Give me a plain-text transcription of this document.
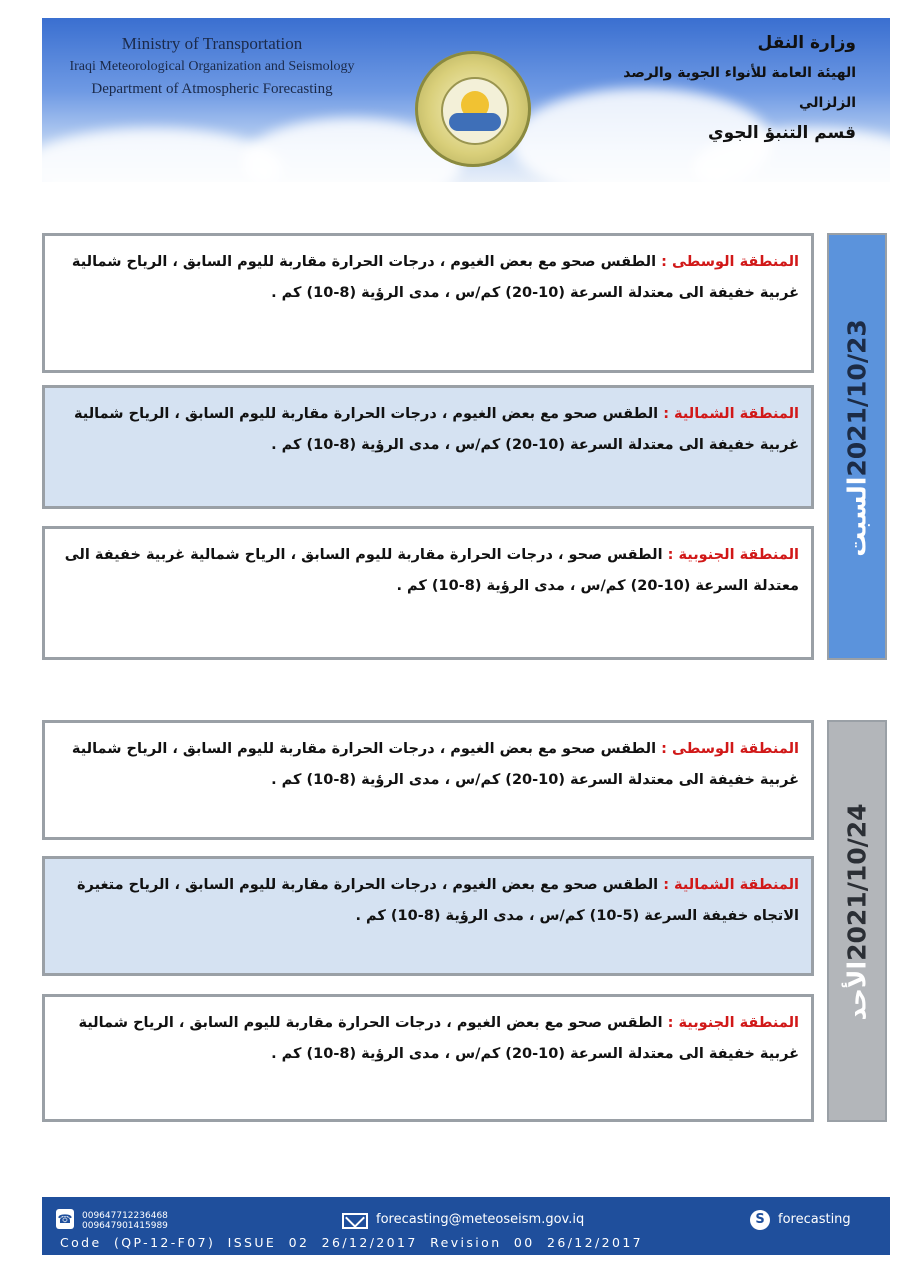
Ministry of Transportation
Iraqi Meteorological Organization and Seismology
Department of Atmospheric Forecasting
وزارة النقل
الهيئة العامة للأنواء الجوية والرصد الزلزالي
قسم التنبؤ الجوي
المنطقة الوسطى : الطقس صحو مع بعض الغيوم ، درجات الحرارة مقاربة لليوم السابق ، الرياح شمالية غربية خفيفة الى معتدلة السرعة (10-20) كم/س ، مدى الرؤية (8-10) كم .
المنطقة الشمالية : الطقس صحو مع بعض الغيوم ، درجات الحرارة مقاربة لليوم السابق ، الرياح شمالية غربية خفيفة الى معتدلة السرعة (10-20) كم/س ، مدى الرؤية (8-10) كم .
المنطقة الجنوبية : الطقس صحو ، درجات الحرارة مقاربة لليوم السابق ، الرياح شمالية غربية خفيفة الى معتدلة السرعة (10-20) كم/س ، مدى الرؤية (8-10) كم .
2021/10/23السبت
المنطقة الوسطى : الطقس صحو مع بعض الغيوم ، درجات الحرارة مقاربة لليوم السابق ، الرياح شمالية غربية خفيفة الى معتدلة السرعة (10-20) كم/س ، مدى الرؤية (8-10) كم .
المنطقة الشمالية : الطقس صحو مع بعض الغيوم ، درجات الحرارة مقاربة لليوم السابق ، الرياح متغيرة الاتجاه خفيفة السرعة (5-10) كم/س ، مدى الرؤية (8-10) كم .
المنطقة الجنوبية : الطقس صحو مع بعض الغيوم ، درجات الحرارة مقاربة لليوم السابق ، الرياح شمالية غربية خفيفة الى معتدلة السرعة (10-20) كم/س ، مدى الرؤية (8-10) كم .
2021/10/24الأحد
☎ 009647712236468
009647901415989	forecasting@meteoseism.gov.iq	S	forecasting
Code (QP-12-F07) ISSUE 02 26/12/2017 Revision 00 26/12/2017
